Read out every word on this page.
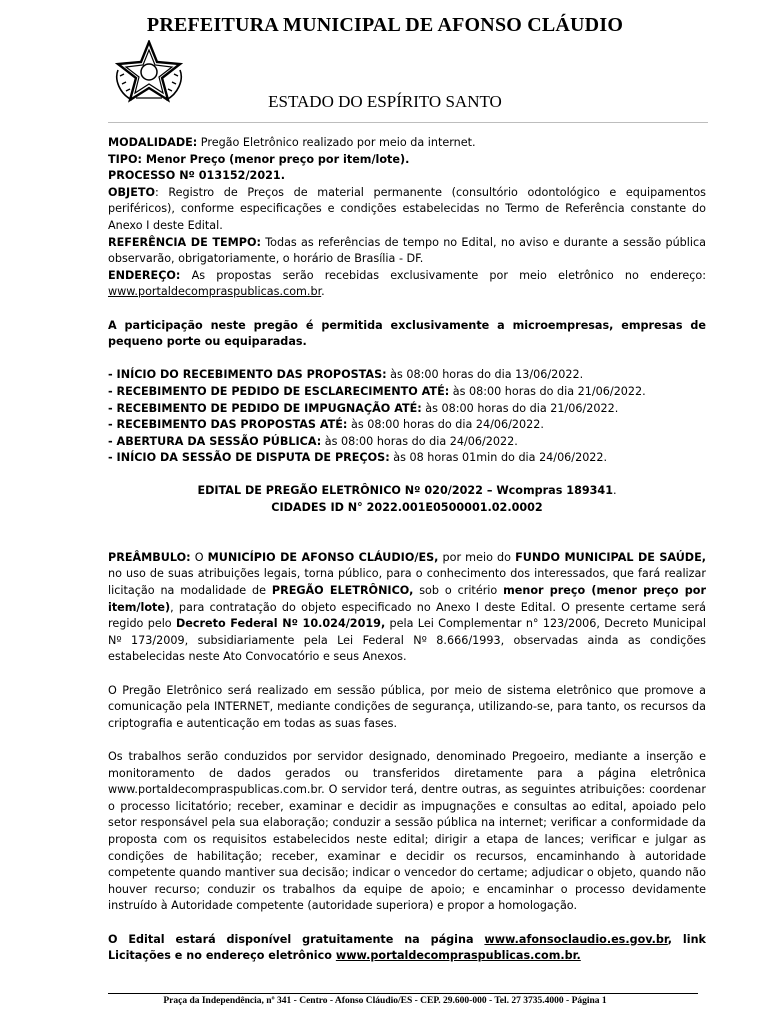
PREFEITURA MUNICIPAL DE AFONSO CLÁUDIO
ESTADO DO ESPÍRITO SANTO

MODALIDADE: Pregão Eletrônico realizado por meio da internet.

TIPO: Menor Preço (menor preço por item/lote).

PROCESSO Nº 013152/2021.

OBJETO: Registro de Preços de material permanente (consultório odontológico e equipamentos periféricos), conforme especificações e condições estabelecidas no Termo de Referência constante do Anexo I deste Edital.

REFERÊNCIA DE TEMPO: Todas as referências de tempo no Edital, no aviso e durante a sessão pública observarão, obrigatoriamente, o horário de Brasília - DF.

ENDEREÇO: As propostas serão recebidas exclusivamente por meio eletrônico no endereço: www.portaldecompraspublicas.com.br.

A participação neste pregão é permitida exclusivamente a microempresas, empresas de pequeno porte ou equiparadas.

- INÍCIO DO RECEBIMENTO DAS PROPOSTAS: às 08:00 horas do dia 13/06/2022.

- RECEBIMENTO DE PEDIDO DE ESCLARECIMENTO ATÉ: às 08:00 horas do dia 21/06/2022.

- RECEBIMENTO DE PEDIDO DE IMPUGNAÇÃO ATÉ: às 08:00 horas do dia 21/06/2022.

- RECEBIMENTO DAS PROPOSTAS ATÉ: às 08:00 horas do dia 24/06/2022.

- ABERTURA DA SESSÃO PÚBLICA: às 08:00 horas do dia 24/06/2022.

- INÍCIO DA SESSÃO DE DISPUTA DE PREÇOS: às 08 horas 01min do dia 24/06/2022.

EDITAL DE PREGÃO ELETRÔNICO Nº 020/2022 – Wcompras 189341.

CIDADES ID N° 2022.001E0500001.02.0002

PREÂMBULO: O MUNICÍPIO DE AFONSO CLÁUDIO/ES, por meio do FUNDO MUNICIPAL DE SAÚDE, no uso de suas atribuições legais, torna público, para o conhecimento dos interessados, que fará realizar licitação na modalidade de PREGÃO ELETRÔNICO, sob o critério menor preço (menor preço por item/lote), para contratação do objeto especificado no Anexo I deste Edital. O presente certame será regido pelo Decreto Federal Nº 10.024/2019, pela Lei Complementar n° 123/2006, Decreto Municipal Nº 173/2009, subsidiariamente pela Lei Federal Nº 8.666/1993, observadas ainda as condições estabelecidas neste Ato Convocatório e seus Anexos.

O Pregão Eletrônico será realizado em sessão pública, por meio de sistema eletrônico que promove a comunicação pela INTERNET, mediante condições de segurança, utilizando-se, para tanto, os recursos da criptografia e autenticação em todas as suas fases.

Os trabalhos serão conduzidos por servidor designado, denominado Pregoeiro, mediante a inserção e monitoramento de dados gerados ou transferidos diretamente para a página eletrônica www.portaldecompraspublicas.com.br. O servidor terá, dentre outras, as seguintes atribuições: coordenar o processo licitatório; receber, examinar e decidir as impugnações e consultas ao edital, apoiado pelo setor responsável pela sua elaboração; conduzir a sessão pública na internet; verificar a conformidade da proposta com os requisitos estabelecidos neste edital; dirigir a etapa de lances; verificar e julgar as condições de habilitação; receber, examinar e decidir os recursos, encaminhando à autoridade competente quando mantiver sua decisão; indicar o vencedor do certame; adjudicar o objeto, quando não houver recurso; conduzir os trabalhos da equipe de apoio; e encaminhar o processo devidamente instruído à Autoridade competente (autoridade superiora) e propor a homologação.

O Edital estará disponível gratuitamente na página www.afonsoclaudio.es.gov.br, link Licitações e no endereço eletrônico www.portaldecompraspublicas.com.br.

Praça da Independência, nº 341 - Centro - Afonso Cláudio/ES - CEP. 29.600-000 - Tel. 27 3735.4000 - Página 1
